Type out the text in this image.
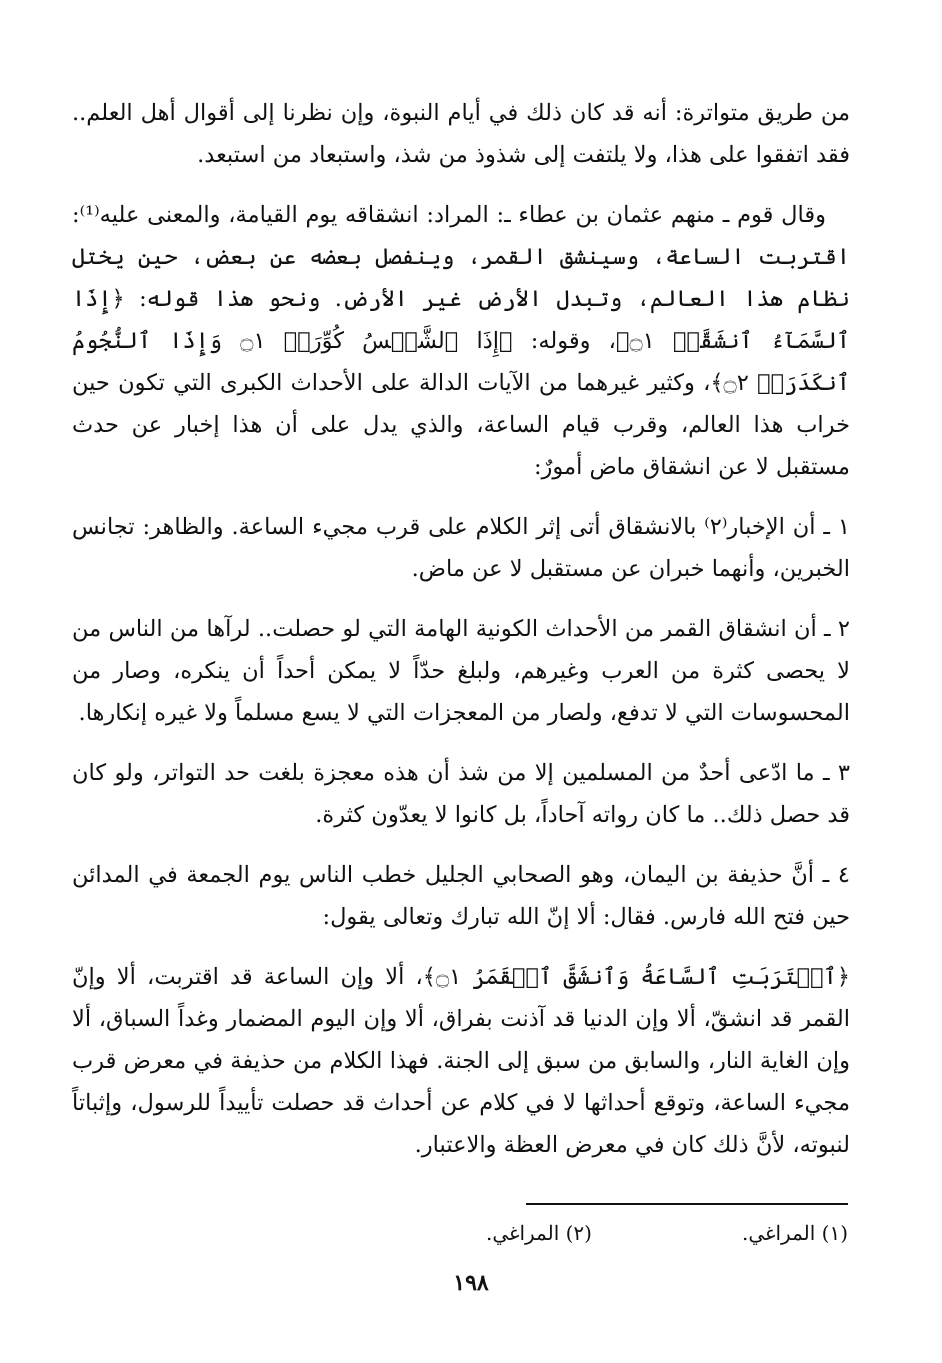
من طريق متواترة: أنه قد كان ذلك في أيام النبوة، وإن نظرنا إلى أقوال أهل العلم.. فقد اتفقوا على هذا، ولا يلتفت إلى شذوذ من شذ، واستبعاد من استبعد.

وقال قوم ـ منهم عثمان بن عطاء ـ: المراد: انشقاقه يوم القيامة، والمعنى عليه⁽¹⁾: اقتربت الساعة، وسينشق القمر، وينفصل بعضه عن بعض، حين يختل نظام هذا العالم، وتبدل الأرض غير الأرض. ونحو هذا قوله: ﴿إِذَا ٱلسَّمَآءُ ٱنشَقَّتۡ ۝١﴾، وقوله: ﴿إِذَا ٱلشَّمۡسُ كُوِّرَتۡ ۝١ وَإِذَا ٱلنُّجُومُ ٱنكَدَرَتۡ ۝٢﴾، وكثير غيرهما من الآيات الدالة على الأحداث الكبرى التي تكون حين خراب هذا العالم، وقرب قيام الساعة، والذي يدل على أن هذا إخبار عن حدث مستقبل لا عن انشقاق ماض أمورٌ:

١ ـ أن الإخبار⁽٢⁾ بالانشقاق أتى إثر الكلام على قرب مجيء الساعة. والظاهر: تجانس الخبرين، وأنهما خبران عن مستقبل لا عن ماض.

٢ ـ أن انشقاق القمر من الأحداث الكونية الهامة التي لو حصلت.. لرآها من الناس من لا يحصى كثرة من العرب وغيرهم، ولبلغ حدّاً لا يمكن أحداً أن ينكره، وصار من المحسوسات التي لا تدفع، ولصار من المعجزات التي لا يسع مسلماً ولا غيره إنكارها.

٣ ـ ما ادّعى أحدٌ من المسلمين إلا من شذ أن هذه معجزة بلغت حد التواتر، ولو كان قد حصل ذلك.. ما كان رواته آحاداً، بل كانوا لا يعدّون كثرة.

٤ ـ أنَّ حذيفة بن اليمان، وهو الصحابي الجليل خطب الناس يوم الجمعة في المدائن حين فتح الله فارس. فقال: ألا إنّ الله تبارك وتعالى يقول:

﴿ٱقۡتَرَبَتِ ٱلسَّاعَةُ وَٱنشَقَّ ٱلۡقَمَرُ ۝١﴾، ألا وإن الساعة قد اقتربت، ألا وإنّ القمر قد انشقّ، ألا وإن الدنيا قد آذنت بفراق، ألا وإن اليوم المضمار وغداً السباق، ألا وإن الغاية النار، والسابق من سبق إلى الجنة. فهذا الكلام من حذيفة في معرض قرب مجيء الساعة، وتوقع أحداثها لا في كلام عن أحداث قد حصلت تأييداً للرسول، وإثباتاً لنبوته، لأنَّ ذلك كان في معرض العظة والاعتبار.

(١) المراغي.
(٢) المراغي.
١٩٨
